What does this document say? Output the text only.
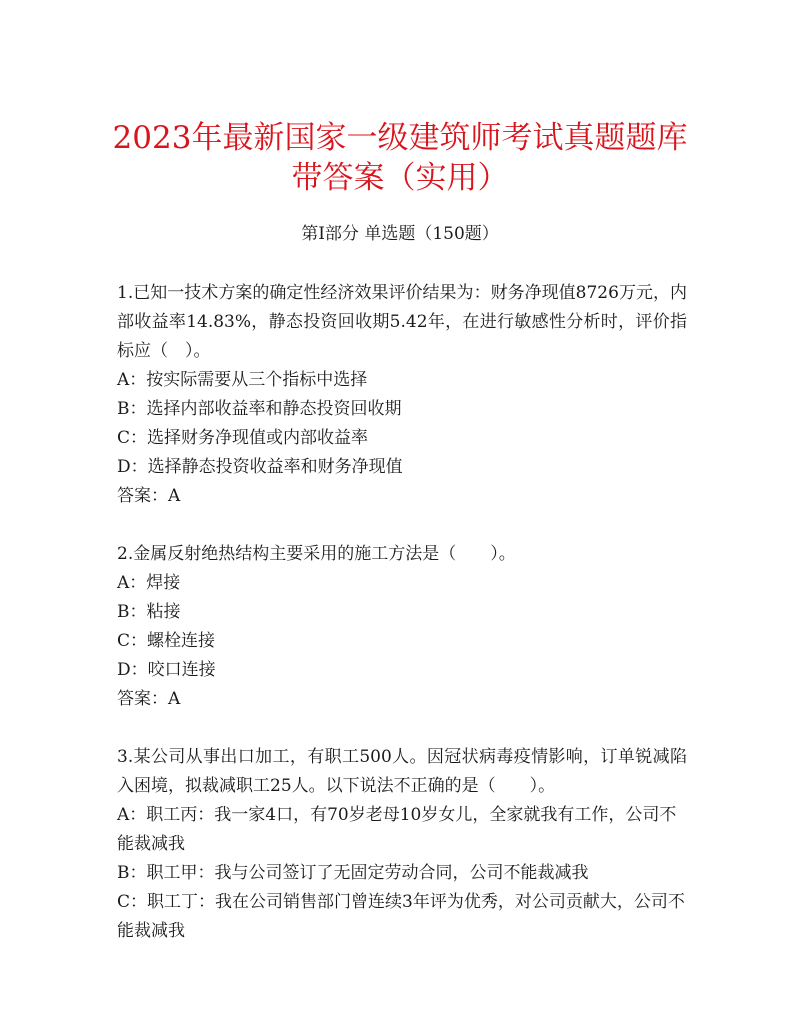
2023年最新国家一级建筑师考试真题题库带答案（实用）
第I部分 单选题（150题）

1.已知一技术方案的确定性经济效果评价结果为：财务净现值8726万元，内部收益率14.83%，静态投资回收期5.42年，在进行敏感性分析时，评价指标应（　）。

A：按实际需要从三个指标中选择

B：选择内部收益率和静态投资回收期

C：选择财务净现值或内部收益率

D：选择静态投资收益率和财务净现值

答案：A

2.金属反射绝热结构主要采用的施工方法是（　　）。

A：焊接

B：粘接

C：螺栓连接

D：咬口连接

答案：A

3.某公司从事出口加工，有职工500人。因冠状病毒疫情影响，订单锐减陷入困境，拟裁减职工25人。以下说法不正确的是（　　）。

A：职工丙：我一家4口，有70岁老母10岁女儿，全家就我有工作，公司不能裁减我

B：职工甲：我与公司签订了无固定劳动合同，公司不能裁减我

C：职工丁：我在公司销售部门曾连续3年评为优秀，对公司贡献大，公司不能裁减我
